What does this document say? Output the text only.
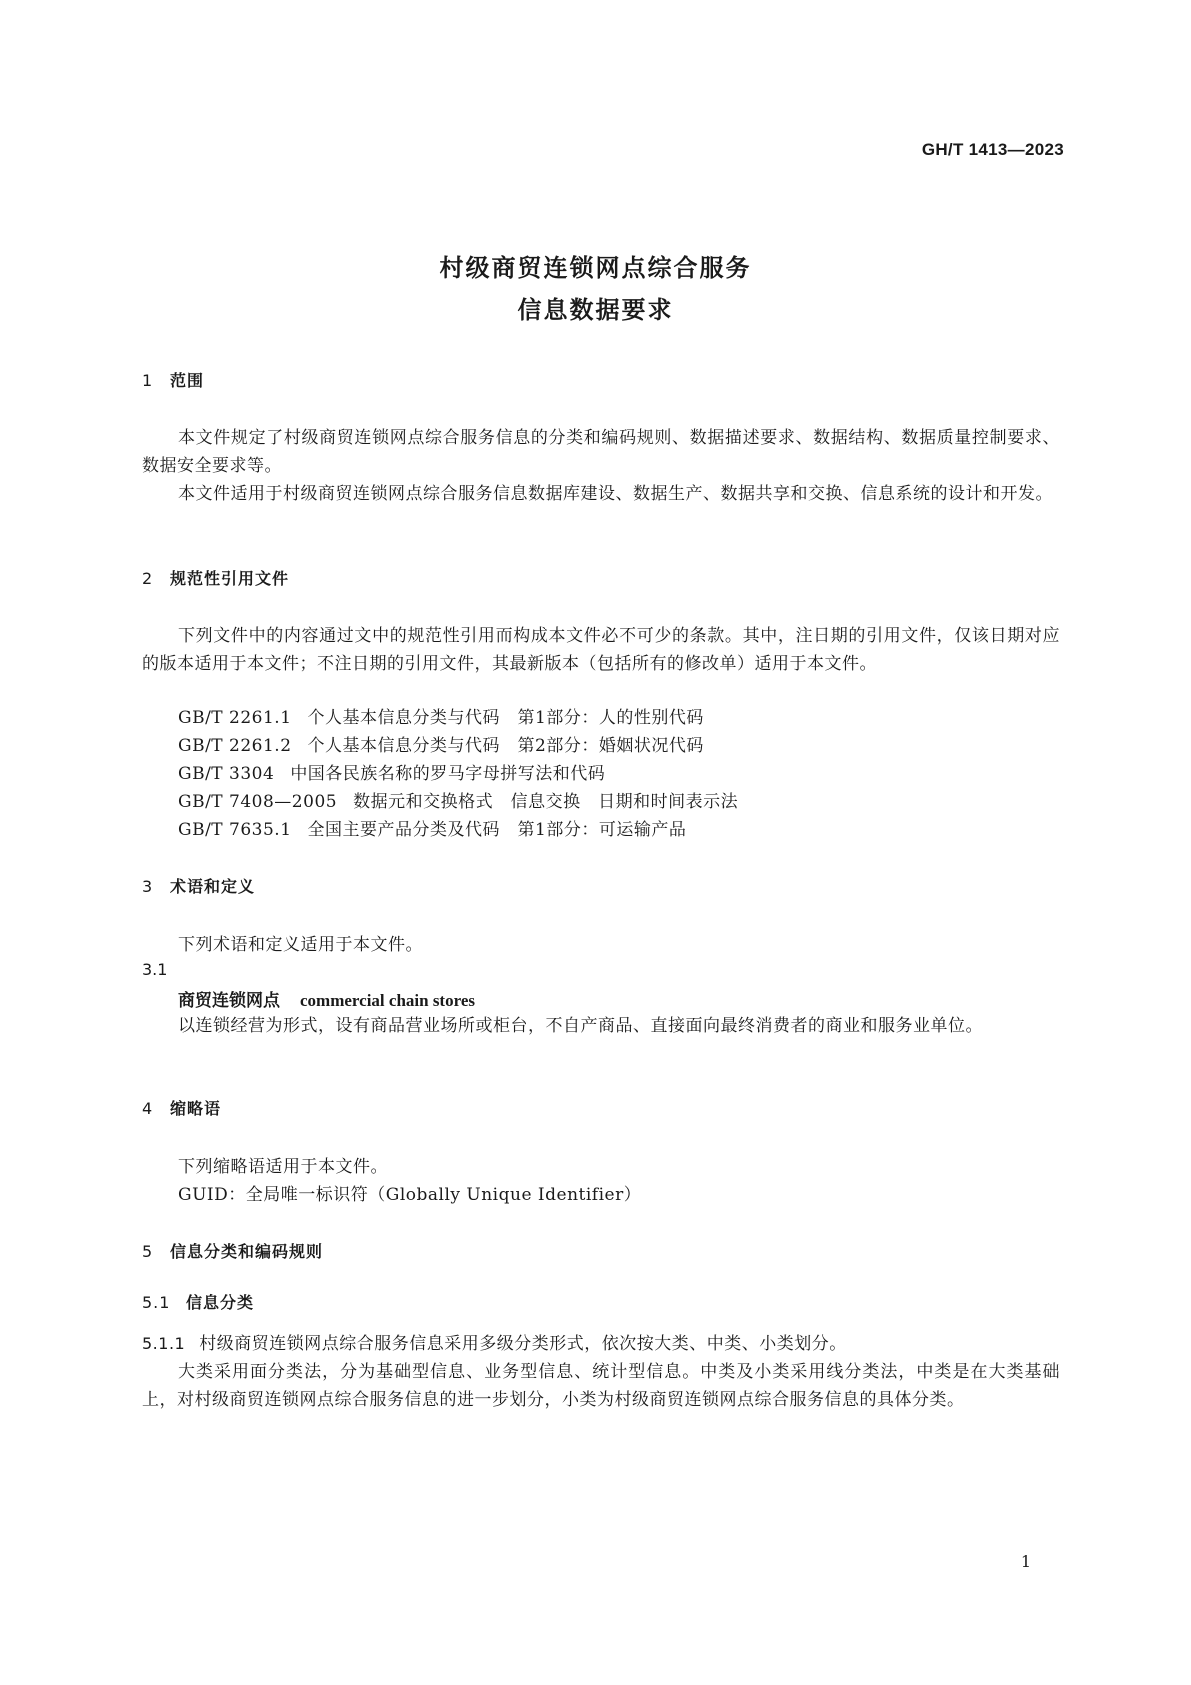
GH/T 1413—2023
村级商贸连锁网点综合服务
信息数据要求
1 范围
本文件规定了村级商贸连锁网点综合服务信息的分类和编码规则、数据描述要求、数据结构、数据质量控制要求、数据安全要求等。
本文件适用于村级商贸连锁网点综合服务信息数据库建设、数据生产、数据共享和交换、信息系统的设计和开发。
2 规范性引用文件
下列文件中的内容通过文中的规范性引用而构成本文件必不可少的条款。其中，注日期的引用文件，仅该日期对应的版本适用于本文件；不注日期的引用文件，其最新版本（包括所有的修改单）适用于本文件。
GB/T 2261.1 个人基本信息分类与代码　第1部分：人的性别代码
GB/T 2261.2 个人基本信息分类与代码　第2部分：婚姻状况代码
GB/T 3304 中国各民族名称的罗马字母拼写法和代码
GB/T 7408—2005 数据元和交换格式　信息交换　日期和时间表示法
GB/T 7635.1 全国主要产品分类及代码　第1部分：可运输产品
3 术语和定义
下列术语和定义适用于本文件。
3.1
商贸连锁网点 commercial chain stores
以连锁经营为形式，设有商品营业场所或柜台，不自产商品、直接面向最终消费者的商业和服务业单位。
4 缩略语
下列缩略语适用于本文件。
GUID：全局唯一标识符（Globally Unique Identifier）
5 信息分类和编码规则
5.1 信息分类
5.1.1 村级商贸连锁网点综合服务信息采用多级分类形式，依次按大类、中类、小类划分。
大类采用面分类法，分为基础型信息、业务型信息、统计型信息。中类及小类采用线分类法，中类是在大类基础上，对村级商贸连锁网点综合服务信息的进一步划分，小类为村级商贸连锁网点综合服务信息的具体分类。
1
